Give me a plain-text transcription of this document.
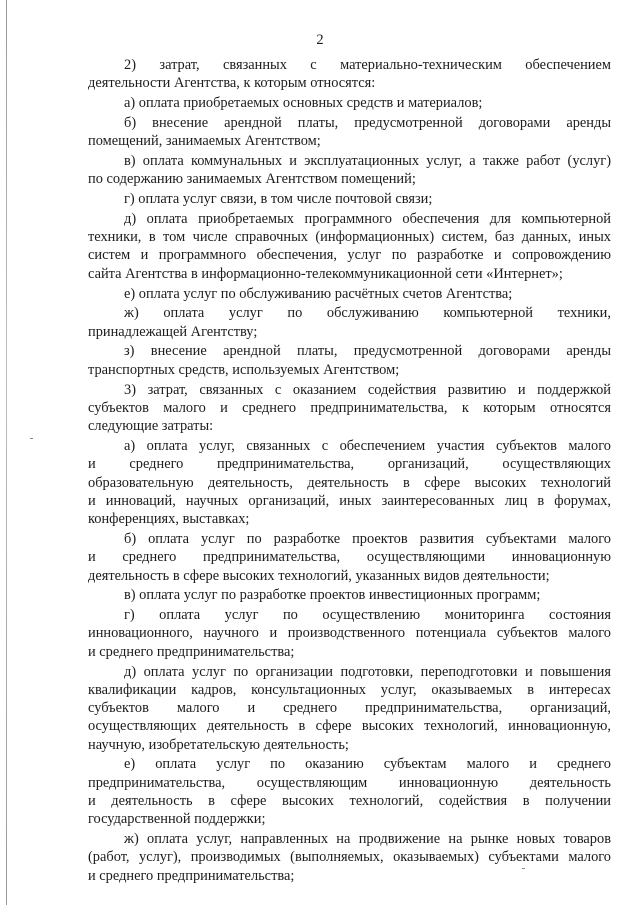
2
2) затрат, связанных с материально-техническим обеспечением
деятельности Агентства, к которым относятся:
а) оплата приобретаемых основных средств и материалов;
б) внесение арендной платы, предусмотренной договорами аренды
помещений, занимаемых Агентством;
в) оплата коммунальных и эксплуатационных услуг, а также работ (услуг)
по содержанию занимаемых Агентством помещений;
г) оплата услуг связи, в том числе почтовой связи;
д) оплата приобретаемых программного обеспечения для компьютерной
техники, в том числе справочных (информационных) систем, баз данных, иных
систем и программного обеспечения, услуг по разработке и сопровождению
сайта Агентства в информационно-телекоммуникационной сети «Интернет»;
е) оплата услуг по обслуживанию расчётных счетов Агентства;
ж) оплата услуг по обслуживанию компьютерной техники,
принадлежащей Агентству;
з) внесение арендной платы, предусмотренной договорами аренды
транспортных средств, используемых Агентством;
3) затрат, связанных с оказанием содействия развитию и поддержкой
субъектов малого и среднего предпринимательства, к которым относятся
следующие затраты:
а) оплата услуг, связанных с обеспечением участия субъектов малого
и среднего предпринимательства, организаций, осуществляющих
образовательную деятельность, деятельность в сфере высоких технологий
и инноваций, научных организаций, иных заинтересованных лиц в форумах,
конференциях, выставках;
б) оплата услуг по разработке проектов развития субъектами малого
и среднего предпринимательства, осуществляющими инновационную
деятельность в сфере высоких технологий, указанных видов деятельности;
в) оплата услуг по разработке проектов инвестиционных программ;
г) оплата услуг по осуществлению мониторинга состояния
инновационного, научного и производственного потенциала субъектов малого
и среднего предпринимательства;
д) оплата услуг по организации подготовки, переподготовки и повышения
квалификации кадров, консультационных услуг, оказываемых в интересах
субъектов малого и среднего предпринимательства, организаций,
осуществляющих деятельность в сфере высоких технологий, инновационную,
научную, изобретательскую деятельность;
е) оплата услуг по оказанию субъектам малого и среднего
предпринимательства, осуществляющим инновационную деятельность
и деятельность в сфере высоких технологий, содействия в получении
государственной поддержки;
ж) оплата услуг, направленных на продвижение на рынке новых товаров
(работ, услуг), производимых (выполняемых, оказываемых) субъектами малого
и среднего предпринимательства;
